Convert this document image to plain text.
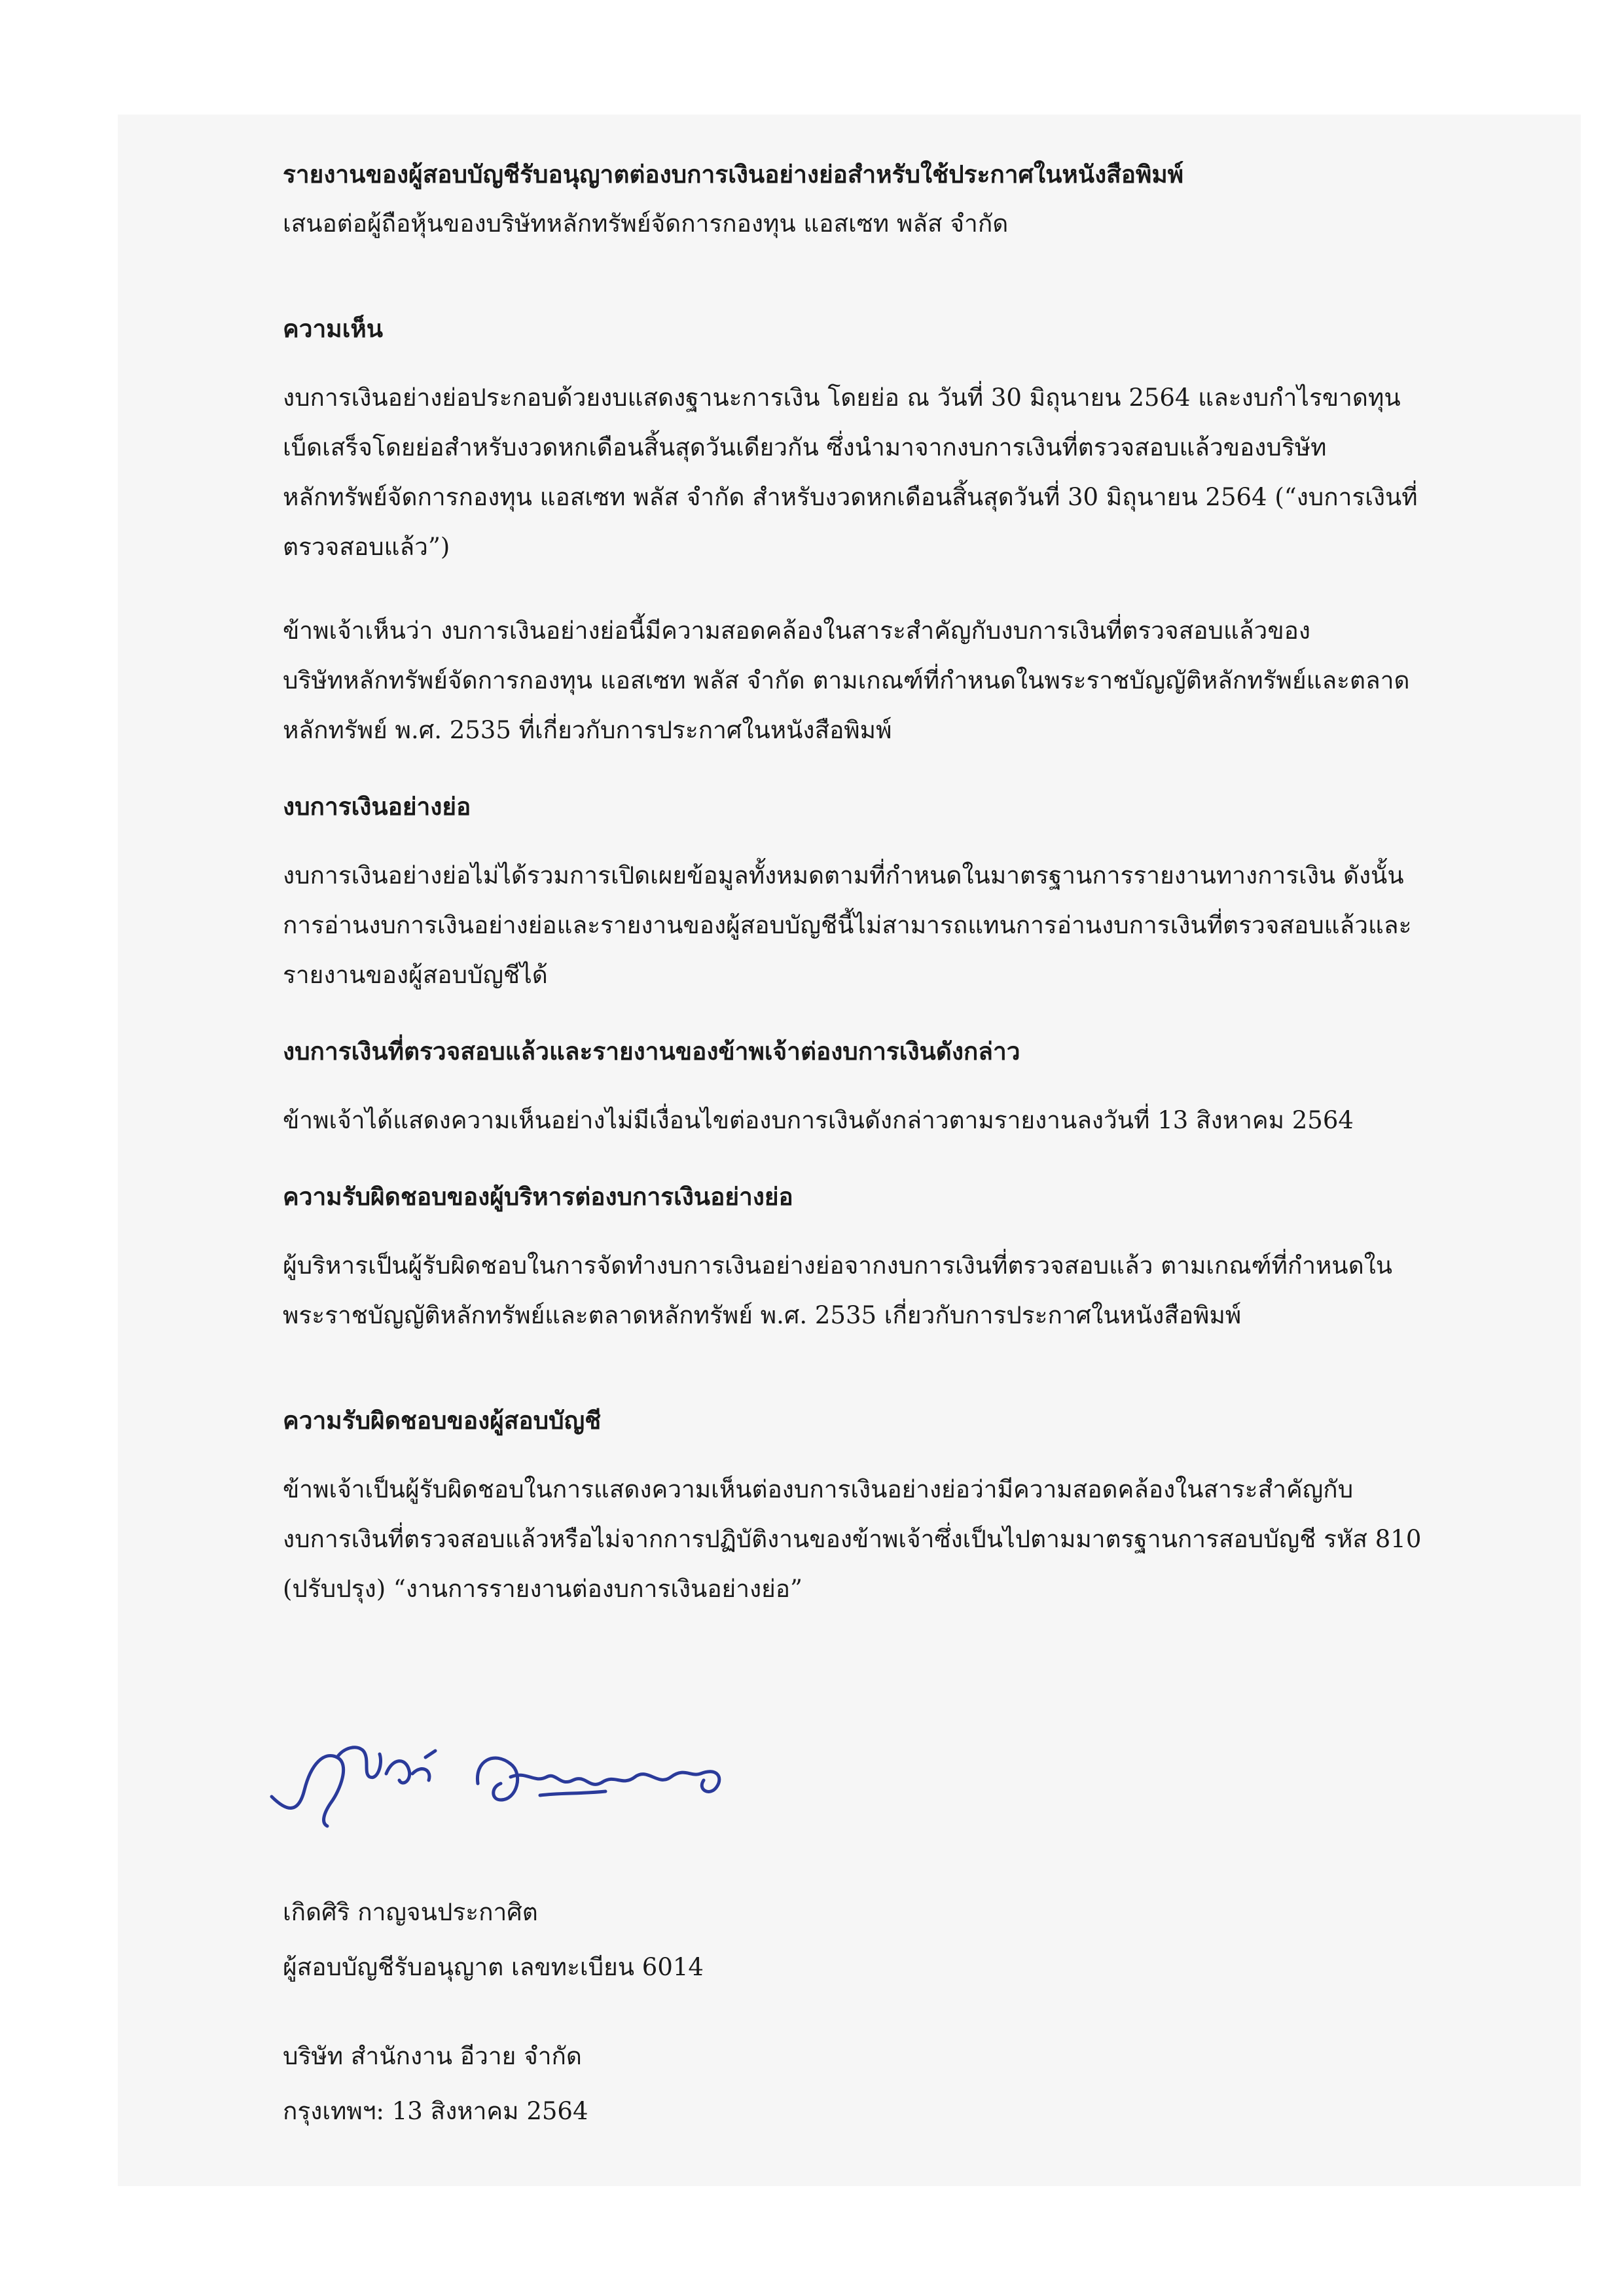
รายงานของผู้สอบบัญชีรับอนุญาตต่องบการเงินอย่างย่อสำหรับใช้ประกาศในหนังสือพิมพ์

เสนอต่อผู้ถือหุ้นของบริษัทหลักทรัพย์จัดการกองทุน แอสเซท พลัส จำกัด

ความเห็น

งบการเงินอย่างย่อประกอบด้วยงบแสดงฐานะการเงิน โดยย่อ ณ วันที่ 30 มิถุนายน 2564 และงบกำไรขาดทุน

เบ็ดเสร็จโดยย่อสำหรับงวดหกเดือนสิ้นสุดวันเดียวกัน ซึ่งนำมาจากงบการเงินที่ตรวจสอบแล้วของบริษัท

หลักทรัพย์จัดการกองทุน แอสเซท พลัส จำกัด สำหรับงวดหกเดือนสิ้นสุดวันที่ 30 มิถุนายน 2564 (“งบการเงินที่

ตรวจสอบแล้ว”)

ข้าพเจ้าเห็นว่า งบการเงินอย่างย่อนี้มีความสอดคล้องในสาระสำคัญกับงบการเงินที่ตรวจสอบแล้วของ

บริษัทหลักทรัพย์จัดการกองทุน แอสเซท พลัส จำกัด ตามเกณฑ์ที่กำหนดในพระราชบัญญัติหลักทรัพย์และตลาด

หลักทรัพย์ พ.ศ. 2535 ที่เกี่ยวกับการประกาศในหนังสือพิมพ์

งบการเงินอย่างย่อ

งบการเงินอย่างย่อไม่ได้รวมการเปิดเผยข้อมูลทั้งหมดตามที่กำหนดในมาตรฐานการรายงานทางการเงิน ดังนั้น

การอ่านงบการเงินอย่างย่อและรายงานของผู้สอบบัญชีนี้ไม่สามารถแทนการอ่านงบการเงินที่ตรวจสอบแล้วและ

รายงานของผู้สอบบัญชีได้

งบการเงินที่ตรวจสอบแล้วและรายงานของข้าพเจ้าต่องบการเงินดังกล่าว

ข้าพเจ้าได้แสดงความเห็นอย่างไม่มีเงื่อนไขต่องบการเงินดังกล่าวตามรายงานลงวันที่ 13 สิงหาคม 2564

ความรับผิดชอบของผู้บริหารต่องบการเงินอย่างย่อ

ผู้บริหารเป็นผู้รับผิดชอบในการจัดทำงบการเงินอย่างย่อจากงบการเงินที่ตรวจสอบแล้ว ตามเกณฑ์ที่กำหนดใน

พระราชบัญญัติหลักทรัพย์และตลาดหลักทรัพย์ พ.ศ. 2535 เกี่ยวกับการประกาศในหนังสือพิมพ์

ความรับผิดชอบของผู้สอบบัญชี

ข้าพเจ้าเป็นผู้รับผิดชอบในการแสดงความเห็นต่องบการเงินอย่างย่อว่ามีความสอดคล้องในสาระสำคัญกับ

งบการเงินที่ตรวจสอบแล้วหรือไม่จากการปฏิบัติงานของข้าพเจ้าซึ่งเป็นไปตามมาตรฐานการสอบบัญชี รหัส 810

(ปรับปรุง) “งานการรายงานต่องบการเงินอย่างย่อ”

เกิดศิริ กาญจนประกาศิต

ผู้สอบบัญชีรับอนุญาต เลขทะเบียน 6014

บริษัท สำนักงาน อีวาย จำกัด

กรุงเทพฯ: 13 สิงหาคม 2564
